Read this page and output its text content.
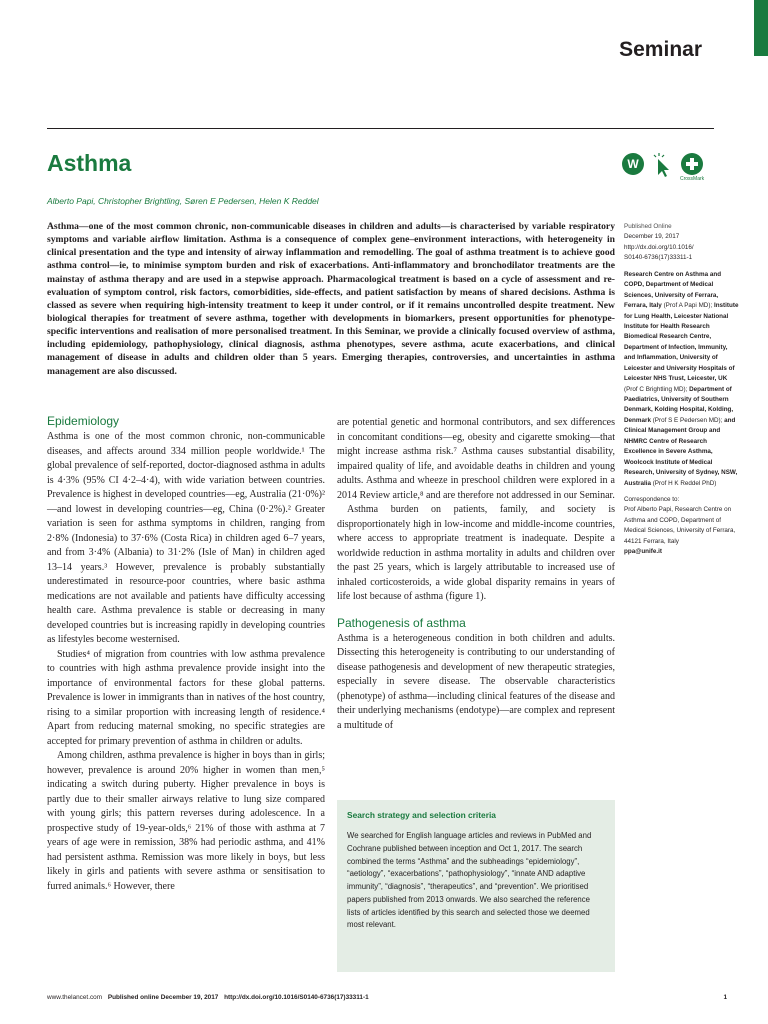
Seminar
Asthma	W
CrossMark
Alberto Papi, Christopher Brightling, Søren E Pedersen, Helen K Reddel

Asthma—one of the most common chronic, non-communicable diseases in children and adults—is characterised by variable respiratory symptoms and variable airflow limitation. Asthma is a consequence of complex gene–environment interactions, with heterogeneity in clinical presentation and the type and intensity of airway inflammation and remodelling. The goal of asthma treatment is to achieve good asthma control—ie, to minimise symptom burden and risk of exacerbations. Anti-inflammatory and bronchodilator treatments are the mainstay of asthma therapy and are used in a stepwise approach. Pharmacological treatment is based on a cycle of assessment and re-evaluation of symptom control, risk factors, comorbidities, side-effects, and patient satisfaction by means of shared decisions. Asthma is classed as severe when requiring high-intensity treatment to keep it under control, or if it remains uncontrolled despite treatment. New biological therapies for treatment of severe asthma, together with developments in biomarkers, present opportunities for phenotype-specific interventions and realisation of more personalised treatment. In this Seminar, we provide a clinically focused overview of asthma, including epidemiology, pathophysiology, clinical diagnosis, asthma phenotypes, severe asthma, acute exacerbations, and clinical management of disease in adults and children older than 5 years. Emerging therapies, controversies, and uncertainties in asthma management are also discussed.

Epidemiology

Asthma is one of the most common chronic, non-communicable diseases, and affects around 334 million people worldwide.¹ The global prevalence of self-reported, doctor-diagnosed asthma in adults is 4·3% (95% CI 4·2–4·4), with wide variation between countries. Prevalence is highest in developed countries—eg, Australia (21·0%)²—and lowest in developing countries—eg, China (0·2%).² Greater variation is seen for asthma symptoms in children, ranging from 2·8% (Indonesia) to 37·6% (Costa Rica) in children aged 6–7 years, and from 3·4% (Albania) to 31·2% (Isle of Man) in children aged 13–14 years.³ However, prevalence is probably substantially underestimated in resource-poor countries, where basic asthma medications are not available and patients have difficulty accessing health care. Asthma prevalence is stable or decreasing in many developed countries but is increasing rapidly in developing countries as lifestyles become westernised.

Studies⁴ of migration from countries with low asthma prevalence to countries with high asthma prevalence provide insight into the importance of environmental factors for these global patterns. Prevalence is lower in immigrants than in natives of the host country, rising to a similar proportion with increasing length of residence.⁴ Apart from reducing maternal smoking, no specific strategies are accepted for primary prevention of asthma in children or adults.

Among children, asthma prevalence is higher in boys than in girls; however, prevalence is around 20% higher in women than men,⁵ indicating a switch during puberty. Higher prevalence in boys is partly due to their smaller airways relative to lung size compared with young girls; this pattern reverses during adolescence. In a prospective study of 19-year-olds,⁶ 21% of those with asthma at 7 years of age were in remission, 38% had periodic asthma, and 41% had persistent asthma. Remission was more likely in boys, but less likely in girls and patients with severe asthma or sensitisation to furred animals.⁶ However, there

are potential genetic and hormonal contributors, and sex differences in concomitant conditions—eg, obesity and cigarette smoking—that might increase asthma risk.⁷ Asthma causes substantial disability, impaired quality of life, and avoidable deaths in children and young adults. Asthma and wheeze in preschool children were explored in a 2014 Review article,⁸ and are therefore not addressed in our Seminar.

Asthma burden on patients, family, and society is disproportionately high in low-income and middle-income countries, where access to appropriate treatment is inadequate. Despite a worldwide reduction in asthma mortality in adults and children over the past 25 years, which is largely attributable to increased use of inhaled corticosteroids, a wide global disparity remains in years of life lost because of asthma (figure 1).

Pathogenesis of asthma

Asthma is a heterogeneous condition in both children and adults. Dissecting this heterogeneity is contributing to our understanding of disease pathogenesis and development of new therapeutic strategies, especially in severe disease. The observable characteristics (phenotype) of asthma—including clinical features of the disease and their underlying mechanisms (endotype)—are complex and represent a multitude of

Search strategy and selection criteria

We searched for English language articles and reviews in PubMed and Cochrane published between inception and Oct 1, 2017. The search combined the terms “Asthma” and the subheadings “epidemiology”, “aetiology”, “exacerbations”, “pathophysiology”, “innate AND adaptive immunity”, “diagnosis”, “therapeutics”, and “prevention”. We prioritised papers published from 2013 onwards. We also searched the reference lists of articles identified by this search and selected those we deemed most relevant.

Published Online
December 19, 2017
http://dx.doi.org/10.1016/
S0140-6736(17)33311-1
Research Centre on Asthma and COPD, Department of Medical Sciences, University of Ferrara, Ferrara, Italy (Prof A Papi MD); Institute for Lung Health, Leicester National Institute for Health Research Biomedical Research Centre, Department of Infection, Immunity, and Inflammation, University of Leicester and University Hospitals of Leicester NHS Trust, Leicester, UK (Prof C Brightling MD); Department of Paediatrics, University of Southern Denmark, Kolding Hospital, Kolding, Denmark (Prof S E Pedersen MD); and Clinical Management Group and NHMRC Centre of Research Excellence in Severe Asthma, Woolcock Institute of Medical Research, University of Sydney, NSW, Australia (Prof H K Reddel PhD)
Correspondence to:
Prof Alberto Papi, Research Centre on Asthma and COPD, Department of Medical Sciences, University of Ferrara, 44121 Ferrara, Italy
ppa@unife.it
www.thelancet.com Published online December 19, 2017 http://dx.doi.org/10.1016/S0140-6736(17)33311-1	1
